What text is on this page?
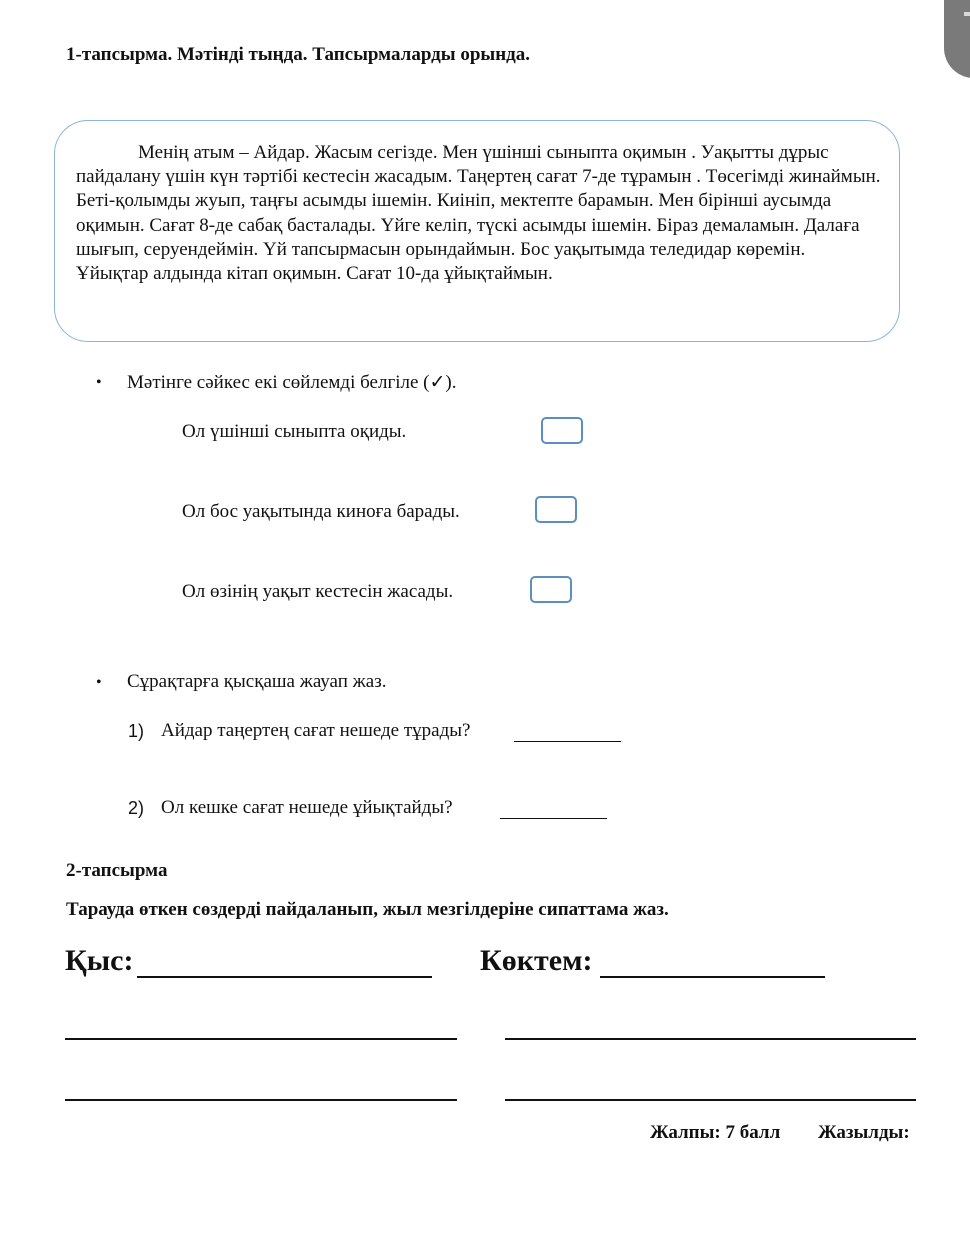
1-тапсырма. Мәтінді тыңда. Тапсырмаларды орында.

Менің атым – Айдар. Жасым сегізде. Мен үшінші сыныпта оқимын . Уақытты дұрыс пайдалану үшін күн тәртібі кестесін жасадым. Таңертең сағат 7-де тұрамын . Төсегімді жинаймын. Беті-қолымды жуып, таңғы асымды ішемін. Киініп, мектепте барамын. Мен бірінші аусымда оқимын. Сағат 8-де сабақ басталады. Үйге келіп, түскі асымды ішемін. Біраз демаламын. Далаға шығып, серуендеймін. Үй тапсырмасын орындаймын. Бос уақытымда теледидар көремін. Ұйықтар алдында кітап оқимын. Сағат 10-да ұйықтаймын.

• Мәтінге сәйкес екі сөйлемді белгіле (✓).
Ол үшінші сыныпта оқиды.
Ол бос уақытында киноға барады.
Ол өзінің уақыт кестесін жасады.
• Сұрақтарға қысқаша жауап жаз.
1) Айдар таңертең сағат нешеде тұрады?
2) Ол кешке сағат нешеде ұйықтайды?
2-тапсырма
Тарауда өткен сөздерді пайдаланып, жыл мезгілдеріне сипаттама жаз.
Қыс:	Көктем:
Жалпы: 7 балл Жазылды:
